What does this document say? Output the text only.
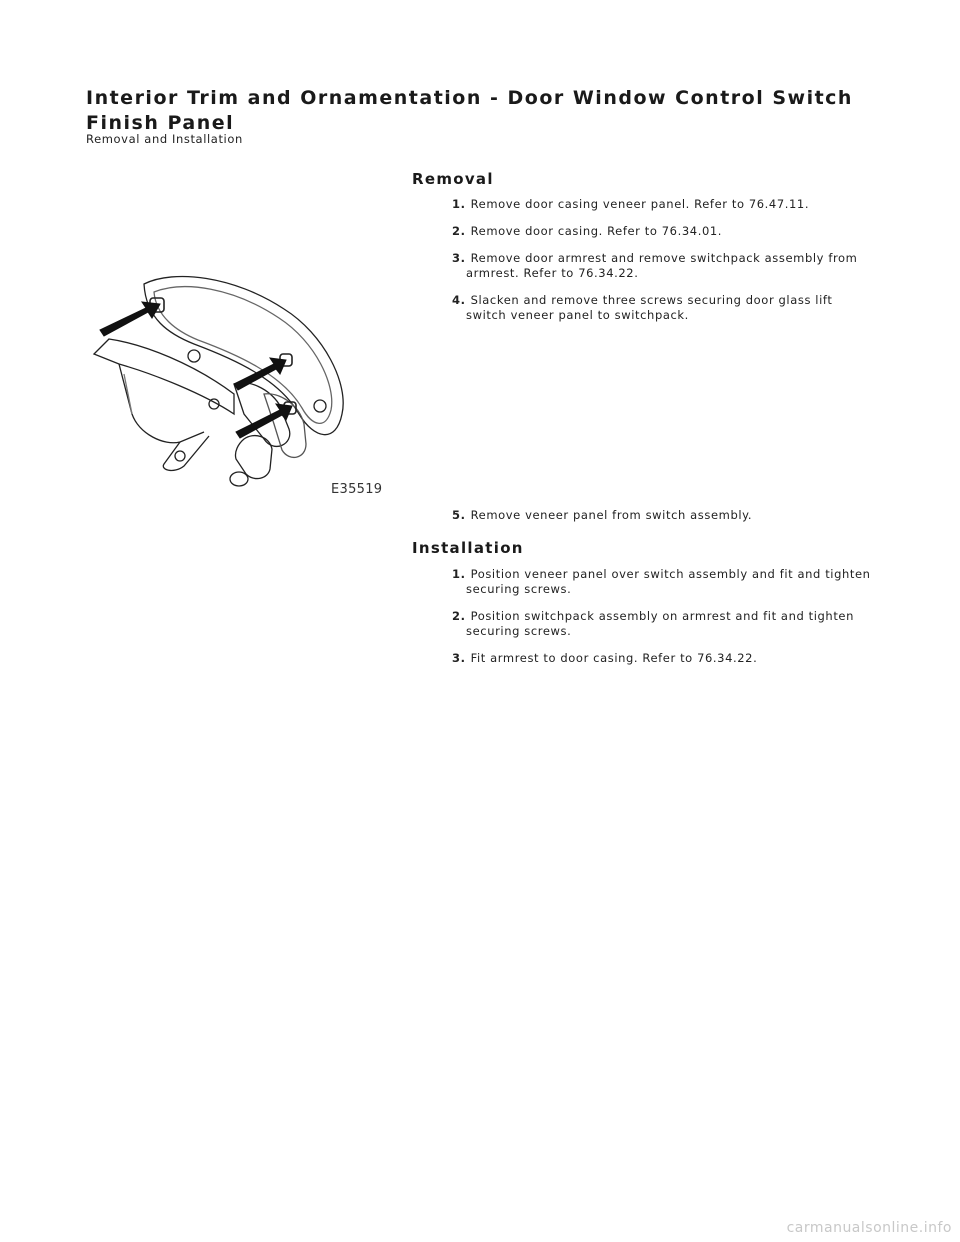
Interior Trim and Ornamentation - Door Window Control Switch Finish Panel
Removal and Installation
Removal
1. Remove door casing veneer panel. Refer to 76.47.11.
2. Remove door casing. Refer to 76.34.01.
3. Remove door armrest and remove switchpack assembly from armrest. Refer to 76.34.22.
4. Slacken and remove three screws securing door glass lift switch veneer panel to switchpack.
E35519
5. Remove veneer panel from switch assembly.
Installation
1. Position veneer panel over switch assembly and fit and tighten securing screws.
2. Position switchpack assembly on armrest and fit and tighten securing screws.
3. Fit armrest to door casing. Refer to 76.34.22.
carmanualsonline.info
